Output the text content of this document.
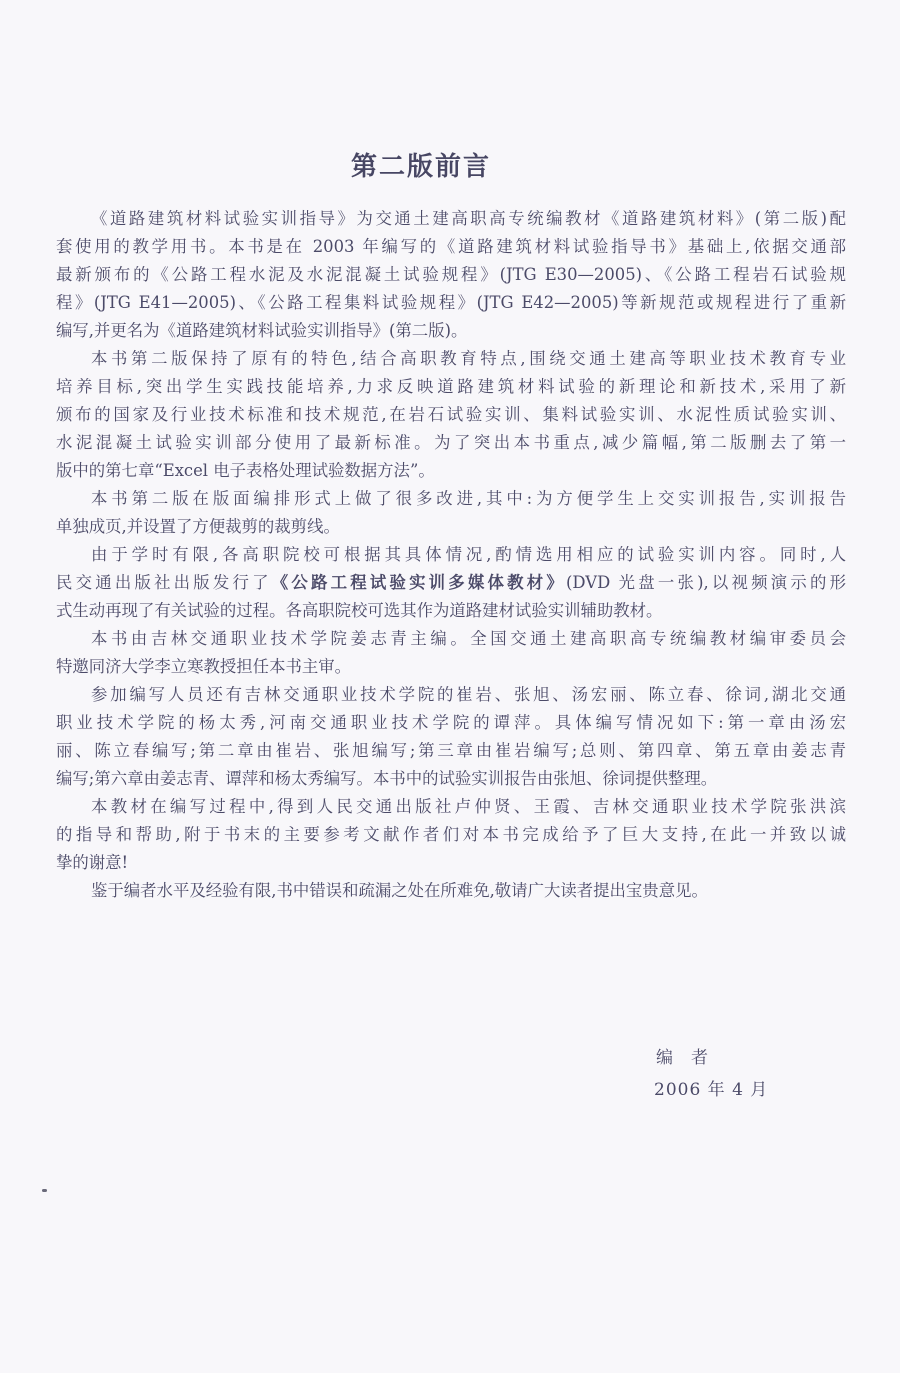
第二版前言
《道路建筑材料试验实训指导》为交通土建高职高专统编教材《道路建筑材料》(第二版)配
套使用的教学用书。本书是在 2003 年编写的《道路建筑材料试验指导书》基础上,依据交通部
最新颁布的《公路工程水泥及水泥混凝土试验规程》(JTG E30—2005)、《公路工程岩石试验规
程》(JTG E41—2005)、《公路工程集料试验规程》(JTG E42—2005)等新规范或规程进行了重新
编写,并更名为《道路建筑材料试验实训指导》(第二版)。
本书第二版保持了原有的特色,结合高职教育特点,围绕交通土建高等职业技术教育专业
培养目标,突出学生实践技能培养,力求反映道路建筑材料试验的新理论和新技术,采用了新
颁布的国家及行业技术标准和技术规范,在岩石试验实训、集料试验实训、水泥性质试验实训、
水泥混凝土试验实训部分使用了最新标准。为了突出本书重点,减少篇幅,第二版删去了第一
版中的第七章“Excel 电子表格处理试验数据方法”。
本书第二版在版面编排形式上做了很多改进,其中:为方便学生上交实训报告,实训报告
单独成页,并设置了方便裁剪的裁剪线。
由于学时有限,各高职院校可根据其具体情况,酌情选用相应的试验实训内容。同时,人
民交通出版社出版发行了《公路工程试验实训多媒体教材》(DVD 光盘一张),以视频演示的形
式生动再现了有关试验的过程。各高职院校可选其作为道路建材试验实训辅助教材。
本书由吉林交通职业技术学院姜志青主编。全国交通土建高职高专统编教材编审委员会
特邀同济大学李立寒教授担任本书主审。
参加编写人员还有吉林交通职业技术学院的崔岩、张旭、汤宏丽、陈立春、徐词,湖北交通
职业技术学院的杨太秀,河南交通职业技术学院的谭萍。具体编写情况如下:第一章由汤宏
丽、陈立春编写;第二章由崔岩、张旭编写;第三章由崔岩编写;总则、第四章、第五章由姜志青
编写;第六章由姜志青、谭萍和杨太秀编写。本书中的试验实训报告由张旭、徐词提供整理。
本教材在编写过程中,得到人民交通出版社卢仲贤、王霞、吉林交通职业技术学院张洪滨
的指导和帮助,附于书末的主要参考文献作者们对本书完成给予了巨大支持,在此一并致以诚
挚的谢意!
鉴于编者水平及经验有限,书中错误和疏漏之处在所难免,敬请广大读者提出宝贵意见。
编者
2006 年 4 月
